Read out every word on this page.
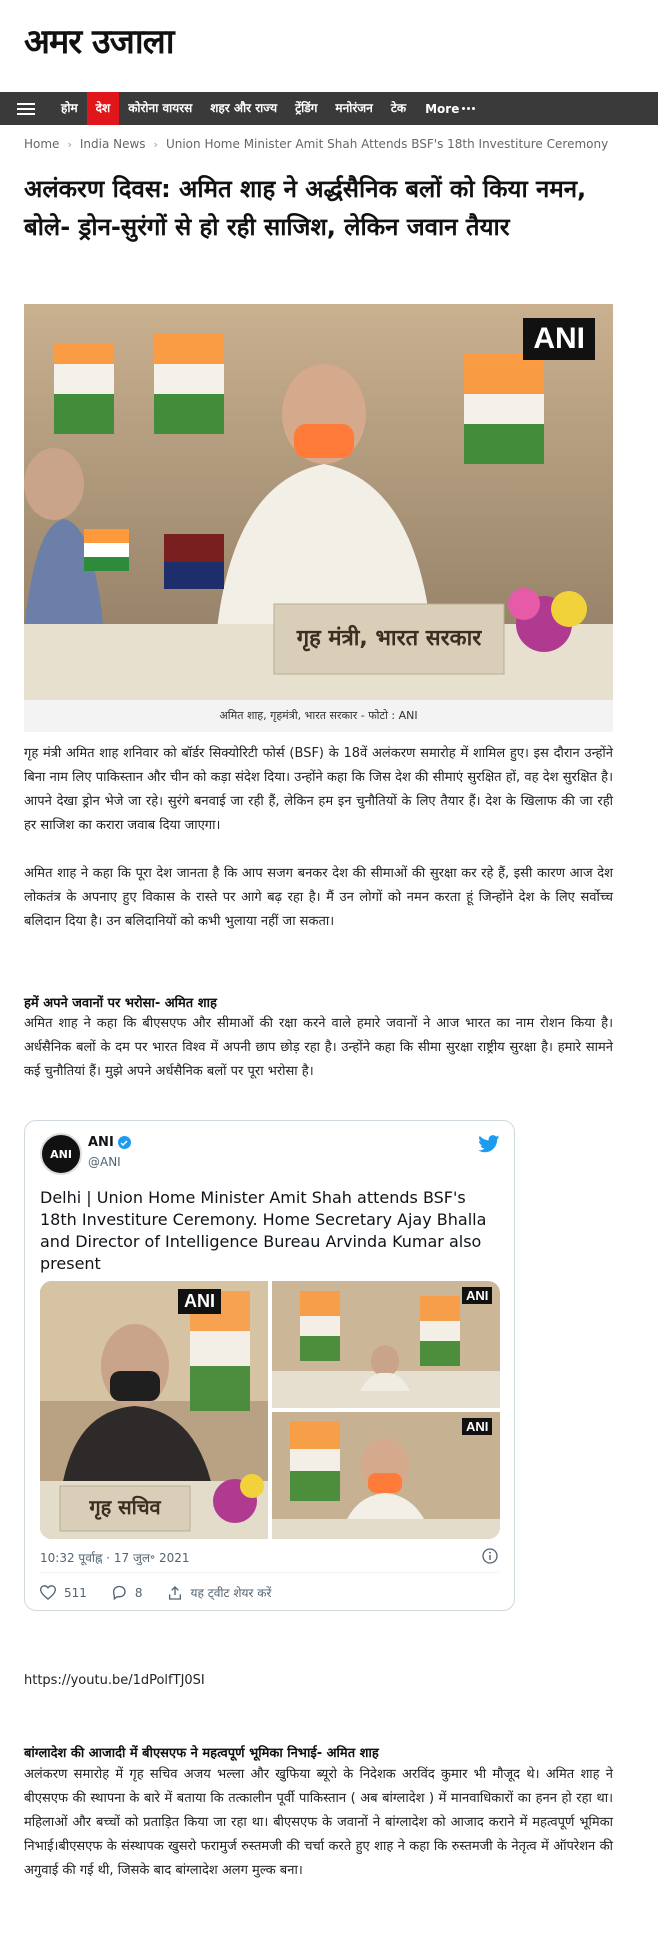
अमर उजाला
होम	देश	कोरोना वायरस	शहर और राज्य	ट्रेंडिंग	मनोरंजन	टेक	More
Home › India News › Union Home Minister Amit Shah Attends BSF's 18th Investiture Ceremony
अलंकरण दिवस: अमित शाह ने अर्द्धसैनिक बलों को किया नमन, बोले- ड्रोन-सुरंगों से हो रही साजिश, लेकिन जवान तैयार
ANI
गृह मंत्री, भारत सरकार
अमित शाह, गृहमंत्री, भारत सरकार - फोटो : ANI

गृह मंत्री अमित शाह शनिवार को बॉर्डर सिक्योरिटी फोर्स (BSF) के 18वें अलंकरण समारोह में शामिल हुए। इस दौरान उन्होंने बिना नाम लिए पाकिस्तान और चीन को कड़ा संदेश दिया। उन्होंने कहा कि जिस देश की सीमाएं सुरक्षित हों, वह देश सुरक्षित है। आपने देखा ड्रोन भेजे जा रहे। सुरंगे बनवाई जा रही हैं, लेकिन हम इन चुनौतियों के लिए तैयार हैं। देश के खिलाफ की जा रही हर साजिश का करारा जवाब दिया जाएगा।

अमित शाह ने कहा कि पूरा देश जानता है कि आप सजग बनकर देश की सीमाओं की सुरक्षा कर रहे हैं, इसी कारण आज देश लोकतंत्र के अपनाए हुए विकास के रास्ते पर आगे बढ़ रहा है। मैं उन लोगों को नमन करता हूं जिन्होंने देश के लिए सर्वोच्च बलिदान दिया है। उन बलिदानियों को कभी भुलाया नहीं जा सकता।

हमें अपने जवानों पर भरोसा- अमित शाह

अमित शाह ने कहा कि बीएसएफ और सीमाओं की रक्षा करने वाले हमारे जवानों ने आज भारत का नाम रोशन किया है। अर्धसैनिक बलों के दम पर भारत विश्व में अपनी छाप छोड़ रहा है। उन्होंने कहा कि सीमा सुरक्षा राष्ट्रीय सुरक्षा है। हमारे सामने कई चुनौतियां हैं। मुझे अपने अर्धसैनिक बलों पर पूरा भरोसा है।

ANI
ANI
@ANI
Delhi | Union Home Minister Amit Shah attends BSF's 18th Investiture Ceremony. Home Secretary Ajay Bhalla and Director of Intelligence Bureau Arvinda Kumar also present
ANI	ANI
ANI
गृह सचिव
10:32 पूर्वाह्न · 17 जुल॰ 2021
511	8	यह ट्वीट शेयर करें
https://youtu.be/1dPolfTJ0SI
बांग्लादेश की आजादी में बीएसएफ ने महत्वपूर्ण भूमिका निभाई- अमित शाह

अलंकरण समारोह में गृह सचिव अजय भल्ला और खुफिया ब्यूरो के निदेशक अरविंद कुमार भी मौजूद थे। अमित शाह ने बीएसएफ की स्थापना के बारे में बताया कि तत्कालीन पूर्वी पाकिस्तान ( अब बांग्लादेश ) में मानवाधिकारों का हनन हो रहा था। महिलाओं और बच्चों को प्रताड़ित किया जा रहा था। बीएसएफ के जवानों ने बांग्लादेश को आजाद कराने में महत्वपूर्ण भूमिका निभाई।बीएसएफ के संस्थापक खुसरो फरामुर्ज रुस्तमजी की चर्चा करते हुए शाह ने कहा कि रुस्तमजी के नेतृत्व में ऑपरेशन की अगुवाई की गई थी, जिसके बाद बांग्लादेश अलग मुल्क बना।
